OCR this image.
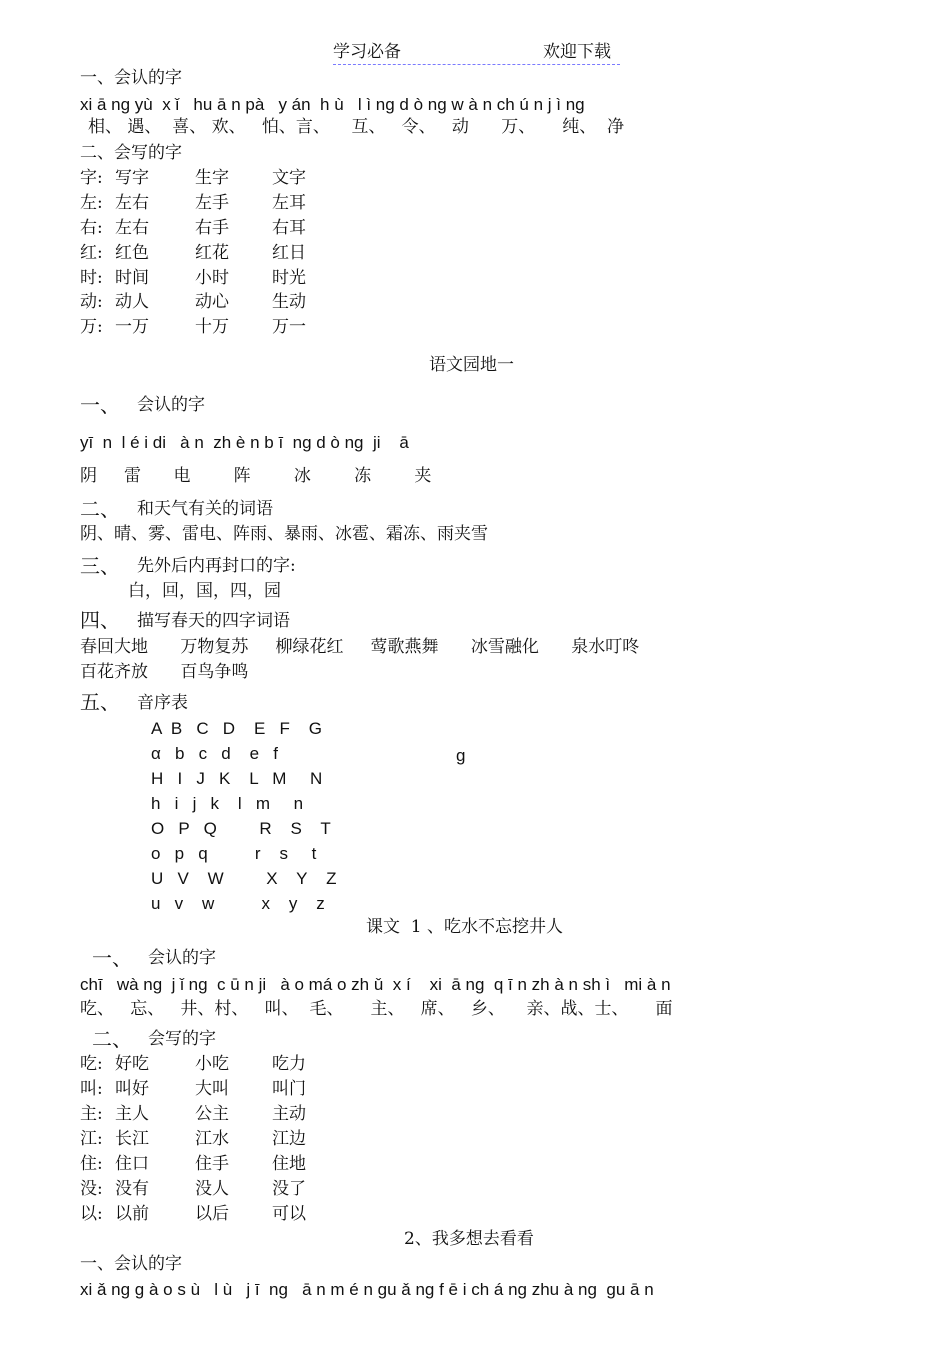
学习必备	欢迎下载
一、会认的字
xi ā ng yù  x ǐ   hu ā n pà   y án  h ù   l ì ng d ò ng w à n ch ú n j ì ng
相、 遇、  喜、 欢、   怕、言、    互、   令、   动      万、     纯、  净
二、会写的字
字: 写字	生字	文字
左: 左右	左手	左耳
右: 左右	右手	右耳
红: 红色	红花	红日
时: 时间	小时	时光
动: 动人	动心	生动
万: 一万	十万	万一
语文园地一
一、 会认的字
yī  n  l é i di   à n  zh è n b ī  ng d ò ng  ji    ā
阴     雷      电        阵        冰        冻        夹
二、 和天气有关的词语
阴、晴、雾、雷电、阵雨、暴雨、冰雹、霜冻、雨夹雪
三、 先外后内再封口的字:
白，回，国，四，园
四、 描写春天的四字词语
春回大地      万物复苏     柳绿花红     莺歌燕舞      冰雪融化      泉水叮咚
百花齐放      百鸟争鸣
五、 音序表
A  B   C   D    E   F    G
α   b   c   d    e   f	g
H   I   J   K    L   M     N
h   i   j   k    l   m     n
O   P   Q         R    S    T
o   p   q          r    s     t
U   V    W         X    Y    Z
u   v    w          x    y    z
课文  1 、吃水不忘挖井人
一、 会认的字
chī   wà ng  j ǐ ng  c ū n ji   à o má o zh ǔ  x í    xi  ā ng  q ī n zh à n sh ì   mi à n
吃、   忘、   井、村、   叫、  毛、     主、   席、   乡、    亲、战、士、     面
二、 会写的字
吃: 好吃	小吃	吃力
叫: 叫好	大叫	叫门
主: 主人	公主	主动
江: 长江	江水	江边
住: 住口	住手	住地
没: 没有	没人	没了
以: 以前	以后	可以
2、我多想去看看
一、会认的字
xi ǎ ng g à o s ù   l ù   j ī  ng   ā n m é n gu ǎ ng f ē i ch á ng zhu à ng  gu ā n
